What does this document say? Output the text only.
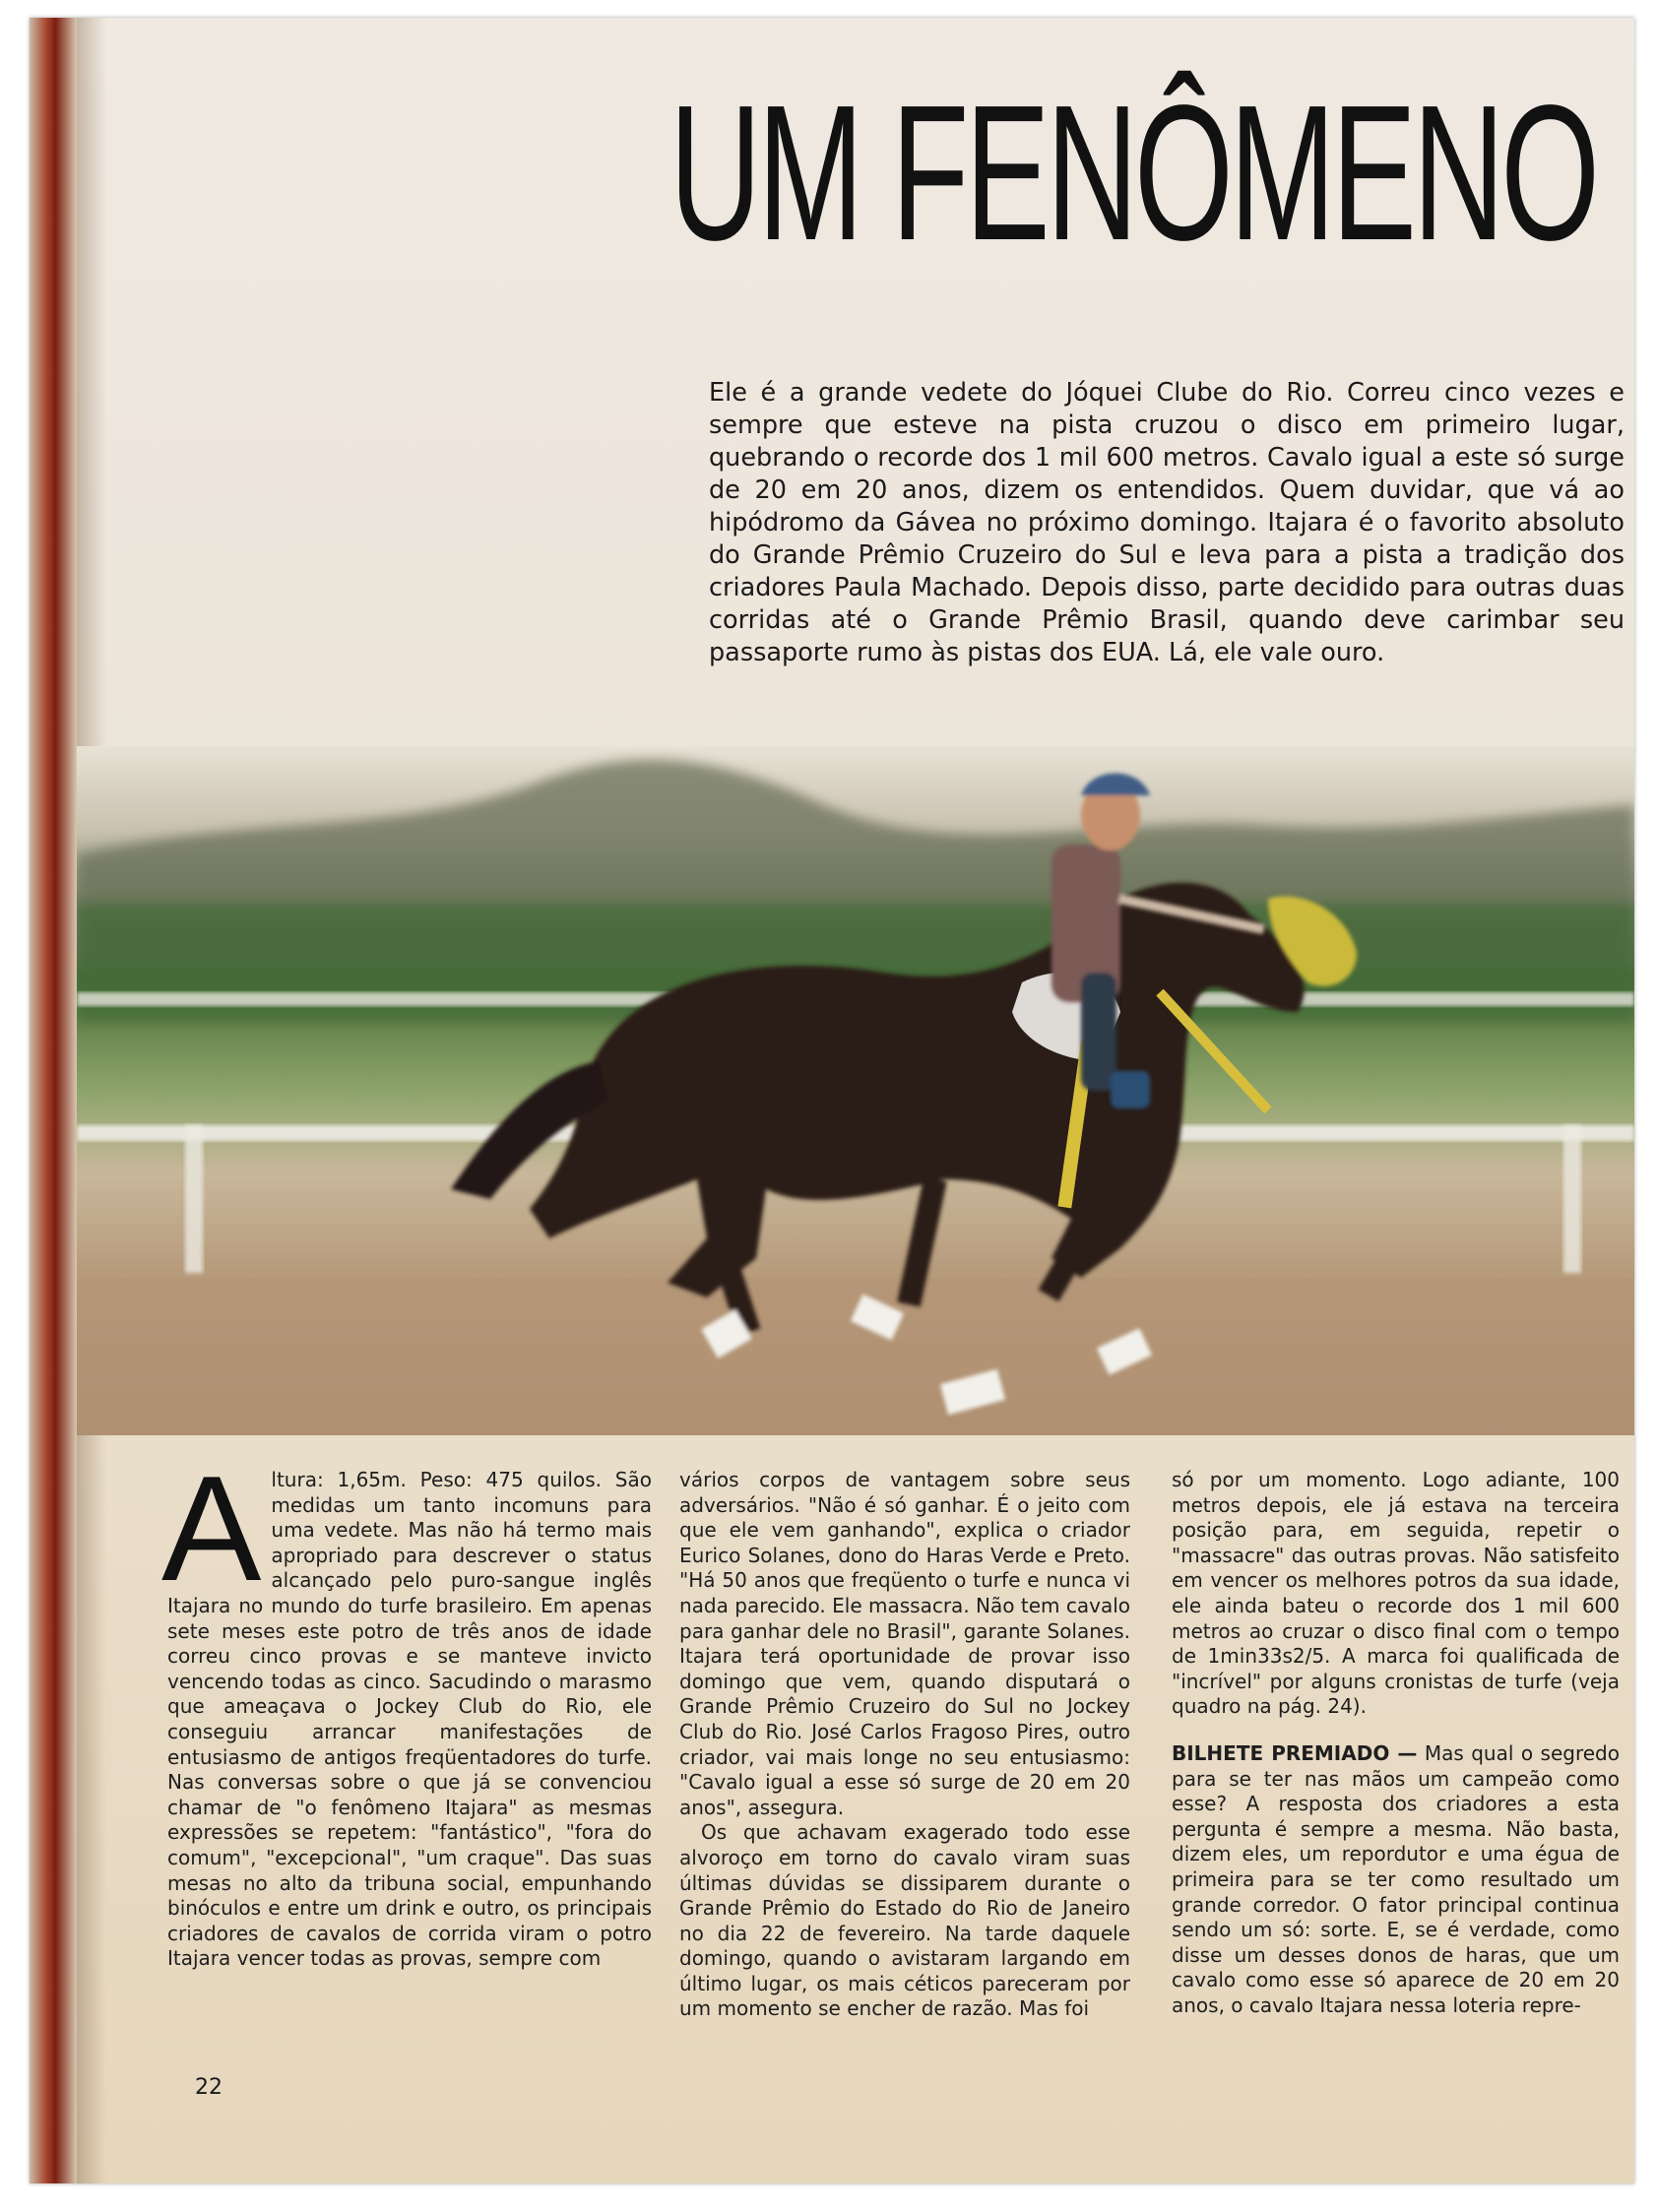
UM FENÔMENO
Ele é a grande vedete do Jóquei Clube do Rio. Correu cinco vezes e sempre que esteve na pista cruzou o disco em primeiro lugar, quebrando o recorde dos 1 mil 600 metros. Cavalo igual a este só surge de 20 em 20 anos, dizem os entendidos. Quem duvidar, que vá ao hipódromo da Gávea no próximo domingo. Itajara é o favorito absoluto do Grande Prêmio Cruzeiro do Sul e leva para a pista a tradição dos criadores Paula Machado. Depois disso, parte decidido para outras duas corridas até o Grande Prêmio Brasil, quando deve carimbar seu passaporte rumo às pistas dos EUA. Lá, ele vale ouro.
A ltura: 1,65m. Peso: 475 quilos. São medidas um tanto incomuns para uma vedete. Mas não há termo mais apropriado para descrever o status alcançado pelo puro-sangue inglês Itajara no mundo do turfe brasileiro. Em apenas sete meses este potro de três anos de idade correu cinco provas e se manteve invicto vencendo todas as cinco. Sacudindo o marasmo que ameaçava o Jockey Club do Rio, ele conseguiu arrancar manifestações de entusiasmo de antigos freqüentadores do turfe. Nas conversas sobre o que já se convenciou chamar de "o fenômeno Itajara" as mesmas expressões se repetem: "fantástico", "fora do comum", "excepcional", "um craque". Das suas mesas no alto da tribuna social, empunhando binóculos e entre um drink e outro, os principais criadores de cavalos de corrida viram o potro Itajara vencer todas as provas, sempre com

vários corpos de vantagem sobre seus adversários. "Não é só ganhar. É o jeito com que ele vem ganhando", explica o criador Eurico Solanes, dono do Haras Verde e Preto. "Há 50 anos que freqüento o turfe e nunca vi nada parecido. Ele massacra. Não tem cavalo para ganhar dele no Brasil", garante Solanes. Itajara terá oportunidade de provar isso domingo que vem, quando disputará o Grande Prêmio Cruzeiro do Sul no Jockey Club do Rio. José Carlos Fragoso Pires, outro criador, vai mais longe no seu entusiasmo: "Cavalo igual a esse só surge de 20 em 20 anos", assegura.

Os que achavam exagerado todo esse alvoroço em torno do cavalo viram suas últimas dúvidas se dissiparem durante o Grande Prêmio do Estado do Rio de Janeiro no dia 22 de fevereiro. Na tarde daquele domingo, quando o avistaram largando em último lugar, os mais céticos pareceram por um momento se encher de razão. Mas foi

só por um momento. Logo adiante, 100 metros depois, ele já estava na terceira posição para, em seguida, repetir o "massacre" das outras provas. Não satisfeito em vencer os melhores potros da sua idade, ele ainda bateu o recorde dos 1 mil 600 metros ao cruzar o disco final com o tempo de 1min33s2/5. A marca foi qualificada de "incrível" por alguns cronistas de turfe (veja quadro na pág. 24).

BILHETE PREMIADO — Mas qual o segredo para se ter nas mãos um campeão como esse? A resposta dos criadores a esta pergunta é sempre a mesma. Não basta, dizem eles, um repordutor e uma égua de primeira para se ter como resultado um grande corredor. O fator principal continua sendo um só: sorte. E, se é verdade, como disse um desses donos de haras, que um cavalo como esse só aparece de 20 em 20 anos, o cavalo Itajara nessa loteria repre-

22
